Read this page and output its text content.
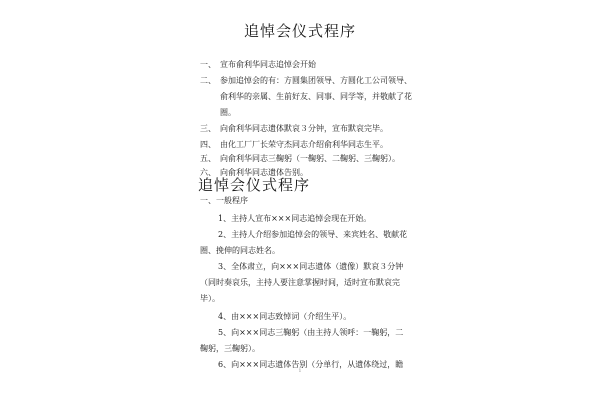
追悼会仪式程序
一、 宣布俞利华同志追悼会开始
二、 参加追悼会的有：方圆集团领导、方圆化工公司领导、
俞利华的亲属、生前好友、同事、同学等，并敬献了花
圈。
三、 向俞利华同志遗体默哀３分钟，宣布默哀完毕。
四、 由化工厂厂长荣守杰同志介绍俞利华同志生平。
五、 向俞利华同志三鞠躬（一鞠躬、二鞠躬、三鞠躬）。
六、 向俞利华同志遗体告别。
追悼会仪式程序
一、一般程序
1、主持人宣布×××同志追悼会现在开始。
2、主持人介绍参加追悼会的领导、来宾姓名、敬献花
圈、挽伸的同志姓名。
3、全体肃立，向×××同志遗体（遗像）默哀３分钟
（同时奏哀乐，主持人要注意掌握时间，适时宣布默哀完
毕）。
4、由×××同志致悼词（介绍生平）。
5、向×××同志三鞠躬（由主持人领呼：一鞠躬，二
鞠躬，三鞠躬）。
6、向×××同志遗体告别（分单行，从遗体绕过，瞻
1
